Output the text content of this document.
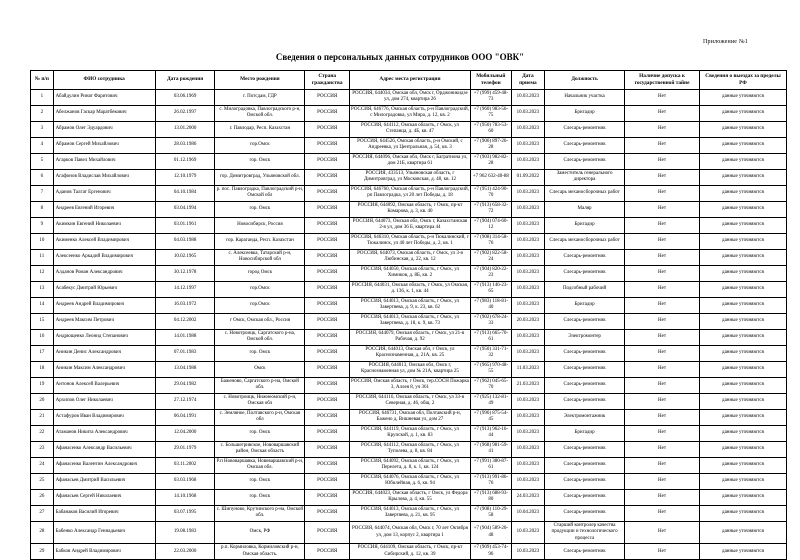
Приложение №1
Сведения о персональных данных сотрудников ООО "ОВК"
№ п/п	ФИО сотрудника	Дата рождения	Место рождения	Страна гражданства	Адрес места регистрации	Мобильный телефон	Дата приема	Должность	Наличие допуска к государственной тайне	Сведения о выездах за пределы РФ
1	Абайдулин Ринат Фаритович	03.06.1969	г. Потсдам, ГДР	РОССИЯ	РОССИЯ, 644034, Омская обл, Омск г, Орджоникидзе ул, дом 274, квартира 26	+7 (999) 459-48-73	10.03.2023	Начальник участка	Нет	данные уточняются
2	Абелжанов Гаскар Маратбекович	26.02.1997	с. Милоградовка, Павлоградского р-н, Омской обл.	РОССИЯ	РОССИЯ, 646776, Омская область, р-н Павлоградский, с Милоградовка, ул Мира, д. 12, кв. 2	+7 (960) 983-56-75	10.03.2023	Бригадир	Нет	данные уточняются
3	Абрамов Олег Эдуардович	13.01.2000	г. Павлодар, Респ. Казахстан	РОССИЯ	РОССИЯ, 644112, Омская область, г Омск, ул Степанца, д. 4Б, кв. 47	+7 (950) 783-53-60	10.03.2023	Слесарь-ремонтник	Нет	данные уточняются
4	Абрамов Сергей Михайлович	28.03.1986	гор.Омск	РОССИЯ	РОССИЯ, 644526, Омская область, р-н Омский, с Андреевка, ул Центральная, д. 54, кв. 3	+7 (906) 897-26-28	10.03.2023	Слесарь-ремонтник	Нет	данные уточняются
5	Агарков Павел Михайлович	01.12.1969	гор. Омск	РОССИЯ	РОССИЯ, 644096, Омская обл, Омск г, Багратиона ул, дом 21Б, квартира 61	+7 (903) 982-82-28	10.03.2023	Слесарь-ремонтник	Нет	данные уточняются
6	Агафонов Владислав Михайлович	12.10.1979	гор. Димитровград, Ульяновской обл.	РОССИЯ	РОССИЯ, 433513, Ульяновская область, г Димитровград, ул Московская, д. 48, кв. 12	+7 962 632-40-88	01.09.2022	Заместитель генерального директора	Нет	данные уточняются
7	Аданов Талгат Ергенович	04.10.1984	р. пос. Павлоградка, Павлоградский р-н, Омской обл	РОССИЯ	РОССИЯ, 646760, Омская область, р-н Павлоградский, рп Павлоградка, ул 20 лет Победы, д. 18	+7 (951) 424-90-70	10.03.2023	Слесарь механосборочных работ	Нет	данные уточняются
8	Андреев Евгений Игоревич	03.04.1994	гор. Омск	РОССИЯ	РОССИЯ, 644092, Омская область, г Омск, пр-кт Комарова, д. 3, кв. 40	+7 (913) 658-32-72	10.03.2023	Маляр	Нет	данные уточняются
9	Акимкин Евгений Николаевич	03.01.1961	Новосибирск, Россия	РОССИЯ	РОССИЯ, 644073, Омская обл, Омск г, Казахстанская 2-я ул, дом 36 Б, квартира 44	+7 (904) 074-60-12	10.03.2023	Бригадир	Нет	данные уточняются
10	Акименко Алексей Владимирович	04.03.1988	гор. Караганда, Респ. Казахстан	РОССИЯ	РОССИЯ, 646310, Омская область, р-н Тюкалинский, г Тюкалинск, ул 40 лет Победы, д. 2, кв. 1	+7 (908) 314-58-76	10.03.2023	Слесарь механосборочных работ	Нет	данные уточняются
11	Алексеенко Аркадий Владимирович	10.02.1965	с. Алексеевка, Татарский р-н, Новосибирской обл	РОССИЯ	РОССИЯ, 644073, Омская область, г Омск, ул 3-я Любинская, д. 22, кв. 12	+7 (902) 822-58-24	10.03.2023	Слесарь-ремонтник	Нет	данные уточняются
12	Алданов Роман Александрович	30.12.1978	город Омск	РОССИЯ	РОССИЯ, 644050, Омская область, г Омск, ул Химиков, д. 8Б, кв. 2	+7 (904) 820-22-23	10.03.2023	Слесарь-ремонтник	Нет	данные уточняются
13	Асабекус Дмитрий Юрьевич	14.12.1997	гор.Омск	РОССИЯ	РОССИЯ, 644031, Омская область, г Омск, ул Омская, д. 136, к. 1, кв. 44	+7 (913) 146-23-65	10.03.2023	Подсобный рабочий	Нет	данные уточняются
14	Андреев Андрей Владимирович	16.03.1972	гор.Омск	РОССИЯ	РОССИЯ, 644013, Омская область, г Омск, ул Завертяева, д. 9, к. 23, кв. 62	+7 (983) 118-81-40	10.03.2023	Бригадир	Нет	данные уточняются
15	Андреев Максим Петрович	04.12.2002	г Омск, Омская обл., Россия	РОССИЯ	РОССИЯ, 644013, Омская область, г Омск, ул Завертяева, д. 18, к. 9, кв. 73	+7 (902) 678-24-33	20.03.2023	Слесарь-ремонтник	Нет	данные уточняются
16	Андрющенко Леонид Степанович	14.01.1988	с. Новотроицк, Саргатского р-на, Омской обл.	РОССИЯ	РОССИЯ, 644079, Омская область, г Омск, ул 21-я Рабочая, д. 92	+7 (913) 665-70-61	10.03.2023	Электромонтер	Нет	данные уточняются
17	Аникин Денис Александрович	07.01.1983	гор. Омск	РОССИЯ	РОССИЯ, 644013, Омская обл, г Омск, ул Краснознаменная, д. 21А, кв. 25	+7 (950) 331-71-32	10.03.2023	Слесарь-ремонтник	Нет	данные уточняются
18	Аникин Максим Александрович	13.04.1988	Омск	РОССИЯ	РОССИЯ, 644013, Омская обл, Омск г, Краснознаменная ул, дом № 21А, квартира 25	+7 (965) 970-48-55	11.03.2023	Слесарь-ремонтник	Нет	данные уточняются
19	Антонов Алексей Валерьевич	29.04.1982	Баженово, Саргатского р-на, Омской обл.	РОССИЯ	РОССИЯ, Омская область, г Омск, тер.СОСН Пожарка 3, Аллея 8, уч 361	+7 (962) 045-65-70	21.03.2023	Слесарь-ремонтник	Нет	данные уточняются
20	Архипов Олег Николаевич	27.12.1974	с. Новотроицк, Нижнеомский р-н, Омская обл	РОССИЯ	РОССИЯ, 644116, Омская область, г Омск, ул 33-я Северная, д. 46, общ. 2	+7 (925) 132-81-49	10.03.2023	Слесарь-ремонтник	Нет	данные уточняются
21	Астафуров Иван Владимирович	06.04.1991	с. Земляное, Полтавского р-н, Омская обл	РОССИЯ	РОССИЯ, 646731, Омская обл, Полтавский р-н, Бажено д, Вишневая ул, дом 27	+7 (996) 875-54-45	10.03.2023	Электромонтажник	Нет	данные уточняются
22	Атаманов Никита Александрович	12.04.2000	гор. Омск	РОССИЯ	РОССИЯ, 644119, Омская область, г Омск, ул Крупской, д. 1, кв. 83	+7 (913) 962-16-44	10.03.2023	Бригадир	Нет	данные уточняются
23	Афанасенко Александр Васильевич	29.01.1979	с. Большегривское, Нововаршавский район, Омская область	РОССИЯ	РОССИЯ, 644112, Омская область, г Омск, ул Туполева, д. 8, кв. 84	+7 (968) 981-59-41	10.03.2023	Слесарь-ремонтник	Нет	данные уточняются
24	Афанасенко Валентин Александрович	03.11.2002	Р.п Нововаршавка, Нововаршавский р-н, Омская обл.	РОССИЯ	РОССИЯ, 644092, Омская область, г Омск, ул Перелета, д. 8, к. 1, кв. 124	+7 (991) 380-87-61	10.03.2023	Слесарь-ремонтник	Нет	данные уточняются
25	Афанасьев Дмитрий Васильевич	03.03.1968	гор. Омск	РОССИЯ	РОССИЯ, 644076, Омская область, г Омск, ул Юбилейная, д. 6, кв. 94	+7 (913) 991-86-76	10.03.2023	Слесарь-ремонтник	Нет	данные уточняются
26	Афанасьев Сергей Николаевич	14.10.1968	гор. Омск	РОССИЯ	РОССИЯ, 644023, Омская область, г Омск, ул Федора Крылова, д. 4, кв. 55	+7 (913) 688-93-80	24.03.2023	Слесарь-ремонтник	Нет	данные уточняются
27	Бабанаков Василий Игоревич	03.07.1995	с. Шипуново, Крутинского р-на, Омской обл.	РОССИЯ	РОССИЯ, 644013, Омская область, г Омск, ул Завертяева, д. 21, кв. 95	+7 (908) 110-29-58	10.04.2023	Слесарь-ремонтник	Нет	данные уточняются
28	Бабенко Александр Геннадьевич	19.08.1983	Омск, РФ	РОССИЯ	РОССИЯ, 644074, Омская обл, Омск г, 70 лет Октября ул, дом 13, корпус 2, квартира 1	+7 (904) 589-20-48	10.03.2023	Старший контролер качества продукции и технологического процесса	Нет	данные уточняются
29	Бабков Андрей Владимирович	22.03.2000	р.п. Кормиловка, Кормиловский р-н, Омская область.	РОССИЯ	РОССИЯ, 644109, Омская область, г Омск, пр-кт Сибирский, д. 12, кв. 39	+7 (909) 453-74-96	10.03.2023	Слесарь-ремонтник	Нет	данные уточняются
